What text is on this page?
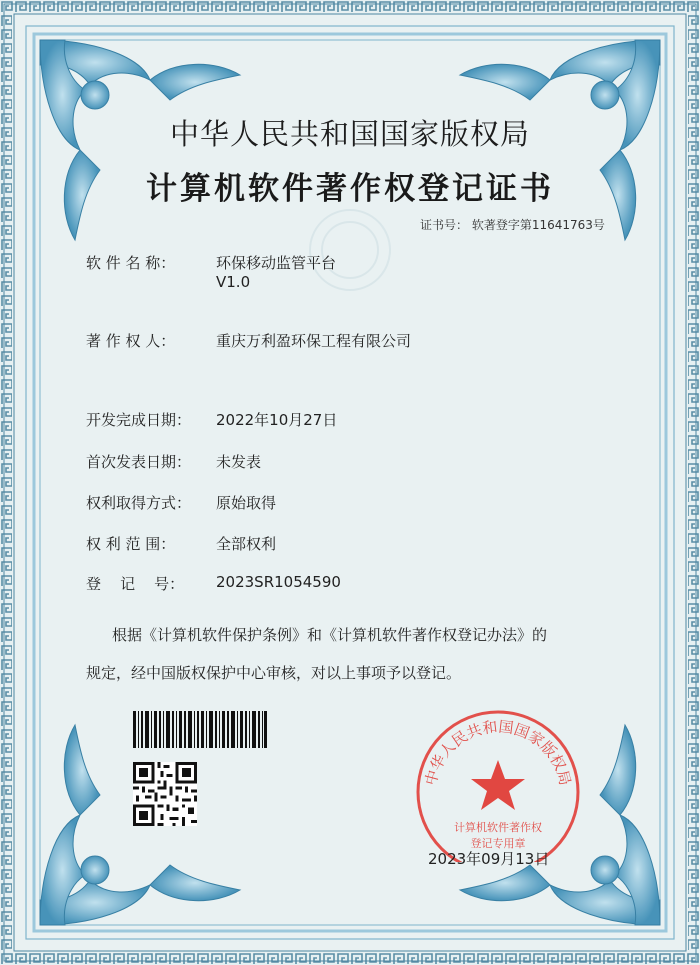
中华人民共和国国家版权局
计算机软件著作权登记证书
证书号： 软著登字第11641763号
软 件 名 称：	环保移动监管平台
V1.0
著 作 权 人：	重庆万利盈环保工程有限公司
开发完成日期： 2022年10月27日
首次发表日期： 未发表
权利取得方式： 原始取得
权 利 范 围：	全部权利
登    记    号： 2023SR1054590
根据《计算机软件保护条例》和《计算机软件著作权登记办法》的
规定，经中国版权保护中心审核，对以上事项予以登记。
中华人民共和国国家版权局
计算机软件著作权
登记专用章
2023年09月13日
